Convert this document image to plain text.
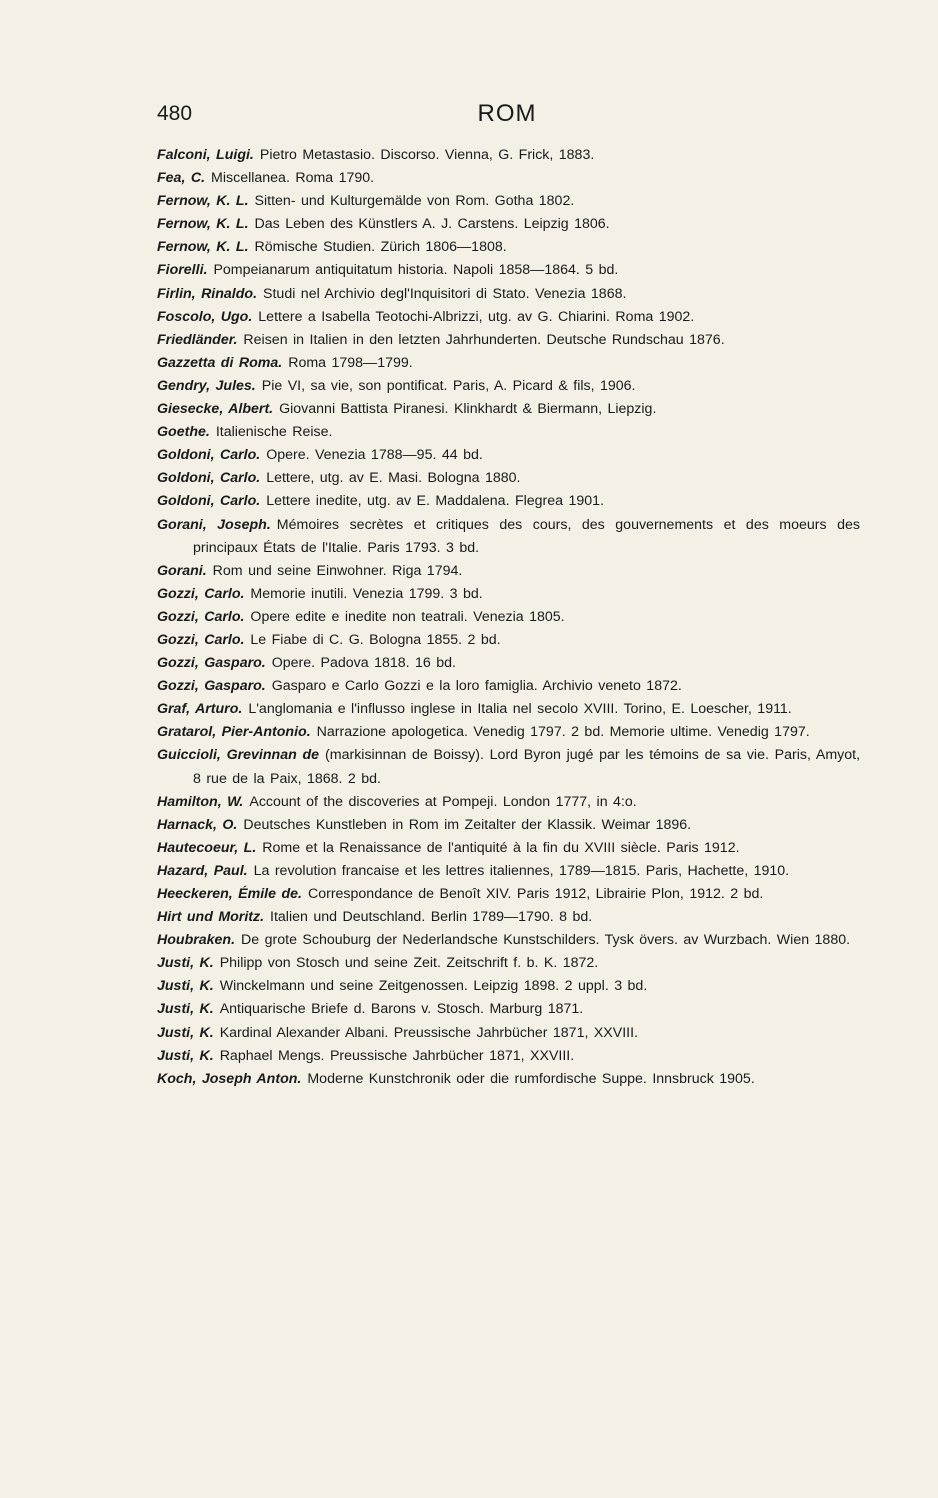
480	ROM
Falconi, Luigi. Pietro Metastasio. Discorso. Vienna, G. Frick, 1883.
Fea, C. Miscellanea. Roma 1790.
Fernow, K. L. Sitten- und Kulturgemälde von Rom. Gotha 1802.
Fernow, K. L. Das Leben des Künstlers A. J. Carstens. Leipzig 1806.
Fernow, K. L. Römische Studien. Zürich 1806—1808.
Fiorelli. Pompeianarum antiquitatum historia. Napoli 1858—1864. 5 bd.
Firlin, Rinaldo. Studi nel Archivio degl'Inquisitori di Stato. Venezia 1868.
Foscolo, Ugo. Lettere a Isabella Teotochi-Albrizzi, utg. av G. Chiarini. Roma 1902.
Friedländer. Reisen in Italien in den letzten Jahrhunderten. Deutsche Rundschau 1876.
Gazzetta di Roma. Roma 1798—1799.
Gendry, Jules. Pie VI, sa vie, son pontificat. Paris, A. Picard & fils, 1906.
Giesecke, Albert. Giovanni Battista Piranesi. Klinkhardt & Biermann, Liepzig.
Goethe. Italienische Reise.
Goldoni, Carlo. Opere. Venezia 1788—95. 44 bd.
Goldoni, Carlo. Lettere, utg. av E. Masi. Bologna 1880.
Goldoni, Carlo. Lettere inedite, utg. av E. Maddalena. Flegrea 1901.
Gorani, Joseph. Mémoires secrètes et critiques des cours, des gouvernements et des moeurs des principaux États de l'Italie. Paris 1793. 3 bd.
Gorani. Rom und seine Einwohner. Riga 1794.
Gozzi, Carlo. Memorie inutili. Venezia 1799. 3 bd.
Gozzi, Carlo. Opere edite e inedite non teatrali. Venezia 1805.
Gozzi, Carlo. Le Fiabe di C. G. Bologna 1855. 2 bd.
Gozzi, Gasparo. Opere. Padova 1818. 16 bd.
Gozzi, Gasparo. Gasparo e Carlo Gozzi e la loro famiglia. Archivio veneto 1872.
Graf, Arturo. L'anglomania e l'influsso inglese in Italia nel secolo XVIII. Torino, E. Loescher, 1911.
Gratarol, Pier-Antonio. Narrazione apologetica. Venedig 1797. 2 bd. Memorie ultime. Venedig 1797.
Guiccioli, Grevinnan de (markisinnan de Boissy). Lord Byron jugé par les témoins de sa vie. Paris, Amyot, 8 rue de la Paix, 1868. 2 bd.
Hamilton, W. Account of the discoveries at Pompeji. London 1777, in 4:o.
Harnack, O. Deutsches Kunstleben in Rom im Zeitalter der Klassik. Weimar 1896.
Hautecoeur, L. Rome et la Renaissance de l'antiquité à la fin du XVIII siècle. Paris 1912.
Hazard, Paul. La revolution francaise et les lettres italiennes, 1789—1815. Paris, Hachette, 1910.
Heeckeren, Émile de. Correspondance de Benoît XIV. Paris 1912, Librairie Plon, 1912. 2 bd.
Hirt und Moritz. Italien und Deutschland. Berlin 1789—1790. 8 bd.
Houbraken. De grote Schouburg der Nederlandsche Kunstschilders. Tysk övers. av Wurzbach. Wien 1880.
Justi, K. Philipp von Stosch und seine Zeit. Zeitschrift f. b. K. 1872.
Justi, K. Winckelmann und seine Zeitgenossen. Leipzig 1898. 2 uppl. 3 bd.
Justi, K. Antiquarische Briefe d. Barons v. Stosch. Marburg 1871.
Justi, K. Kardinal Alexander Albani. Preussische Jahrbücher 1871, XXVIII.
Justi, K. Raphael Mengs. Preussische Jahrbücher 1871, XXVIII.
Koch, Joseph Anton. Moderne Kunstchronik oder die rumfordische Suppe. Innsbruck 1905.
